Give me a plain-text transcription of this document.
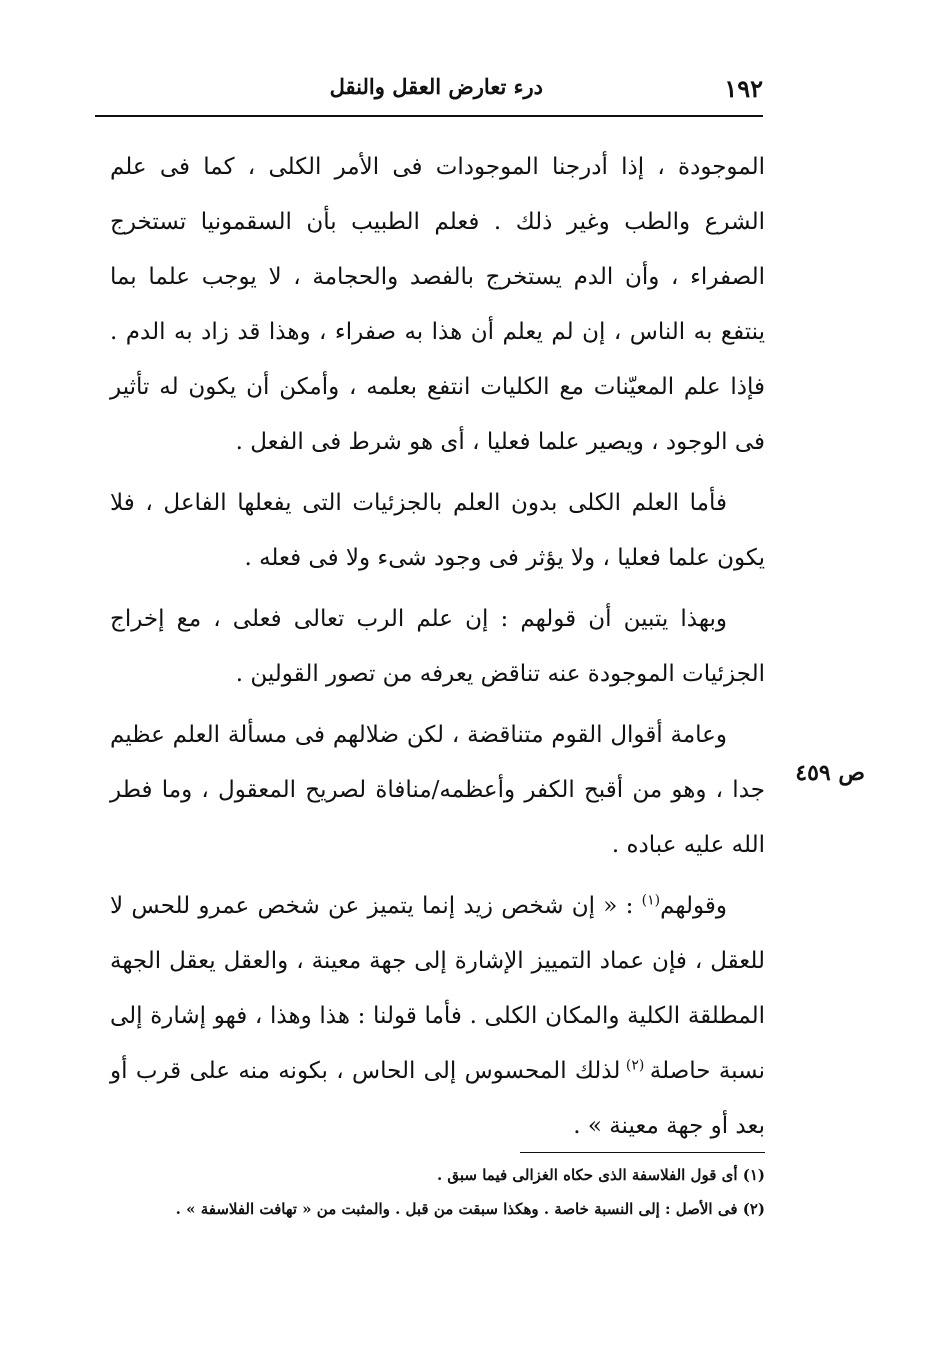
١٩٢
درء تعارض العقل والنقل
ص ٤٥٩

الموجودة ، إذا أدرجنا الموجودات فى الأمر الكلى ، كما فى علم الشرع والطب وغير ذلك . فعلم الطبيب بأن السقمونيا تستخرج الصفراء ، وأن الدم يستخرج بالفصد والحجامة ، لا يوجب علما بما ينتفع به الناس ، إن لم يعلم أن هذا به صفراء ، وهذا قد زاد به الدم . فإذا علم المعيّنات مع الكليات انتفع بعلمه ، وأمكن أن يكون له تأثير فى الوجود ، ويصير علما فعليا ، أى هو شرط فى الفعل .

فأما العلم الكلى بدون العلم بالجزئيات التى يفعلها الفاعل ، فلا يكون علما فعليا ، ولا يؤثر فى وجود شىء ولا فى فعله .

وبهذا يتبين أن قولهم : إن علم الرب تعالى فعلى ، مع إخراج الجزئيات الموجودة عنه تناقض يعرفه من تصور القولين .

وعامة أقوال القوم متناقضة ، لكن ضلالهم فى مسألة العلم عظيم جدا ، وهو من أقبح الكفر وأعظمه/منافاة لصريح المعقول ، وما فطر الله عليه عباده .

وقولهم$^{(١)}$ : « إن شخص زيد إنما يتميز عن شخص عمرو للحس لا للعقل ، فإن عماد التمييز الإشارة إلى جهة معينة ، والعقل يعقل الجهة المطلقة الكلية والمكان الكلى . فأما قولنا : هذا وهذا ، فهو إشارة إلى نسبة حاصلة $^{(٢)}$ لذلك المحسوس إلى الحاس ، بكونه منه على قرب أو بعد أو جهة معينة » .

(١) أى قول الفلاسفة الذى حكاه الغزالى فيما سبق .

(٢) فى الأصل : إلى النسبة خاصة . وهكذا سبقت من قبل . والمثبت من « تهافت الفلاسفة » .
